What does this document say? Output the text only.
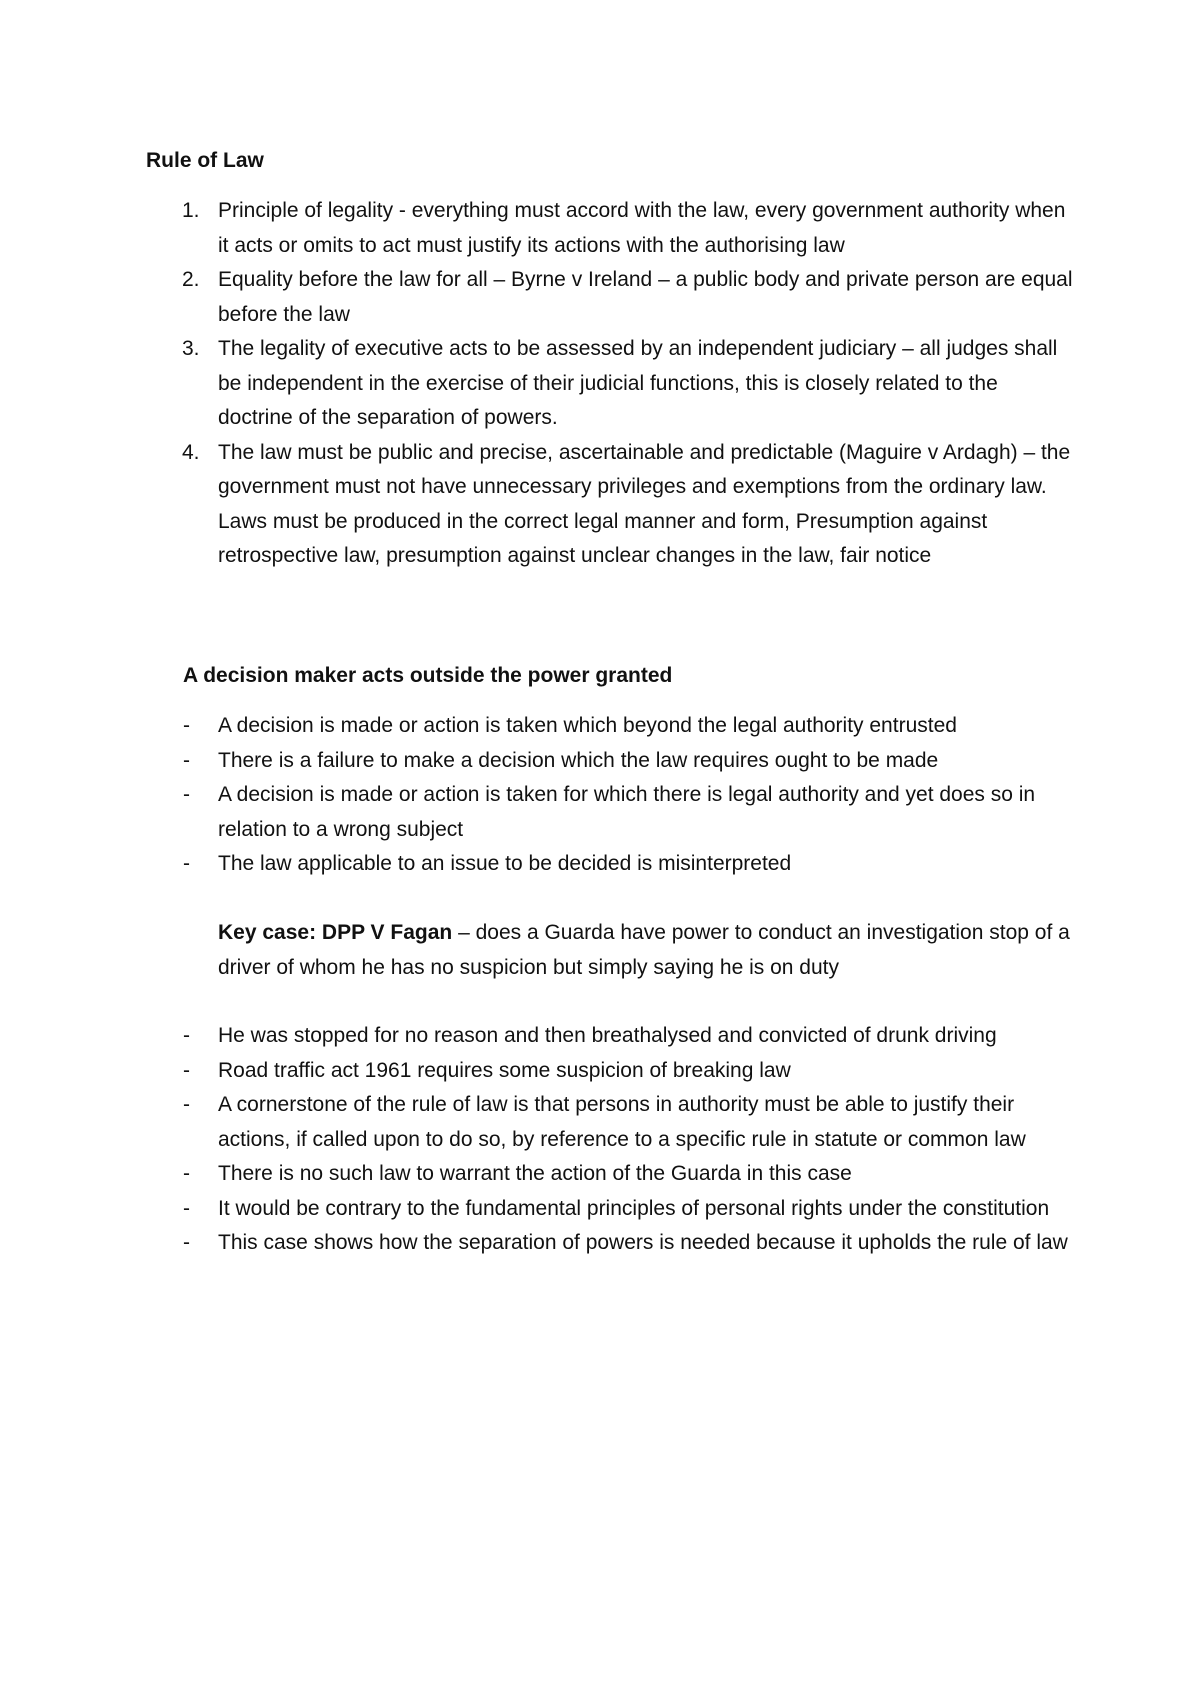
Rule of Law
1. Principle of legality - everything must accord with the law, every government authority when it acts or omits to act must justify its actions with the authorising law
2. Equality before the law for all – Byrne v Ireland – a public body and private person are equal before the law
3. The legality of executive acts to be assessed by an independent judiciary – all judges shall be independent in the exercise of their judicial functions, this is closely related to the doctrine of the separation of powers.
4. The law must be public and precise, ascertainable and predictable (Maguire v Ardagh) – the government must not have unnecessary privileges and exemptions from the ordinary law. Laws must be produced in the correct legal manner and form, Presumption against retrospective law, presumption against unclear changes in the law, fair notice
A decision maker acts outside the power granted
- A decision is made or action is taken which beyond the legal authority entrusted
- There is a failure to make a decision which the law requires ought to be made
- A decision is made or action is taken for which there is legal authority and yet does so in relation to a wrong subject
- The law applicable to an issue to be decided is misinterpreted

Key case: DPP V Fagan – does a Guarda have power to conduct an investigation stop of a driver of whom he has no suspicion but simply saying he is on duty

- He was stopped for no reason and then breathalysed and convicted of drunk driving
- Road traffic act 1961 requires some suspicion of breaking law
- A cornerstone of the rule of law is that persons in authority must be able to justify their actions, if called upon to do so, by reference to a specific rule in statute or common law
- There is no such law to warrant the action of the Guarda in this case
- It would be contrary to the fundamental principles of personal rights under the constitution
- This case shows how the separation of powers is needed because it upholds the rule of law
